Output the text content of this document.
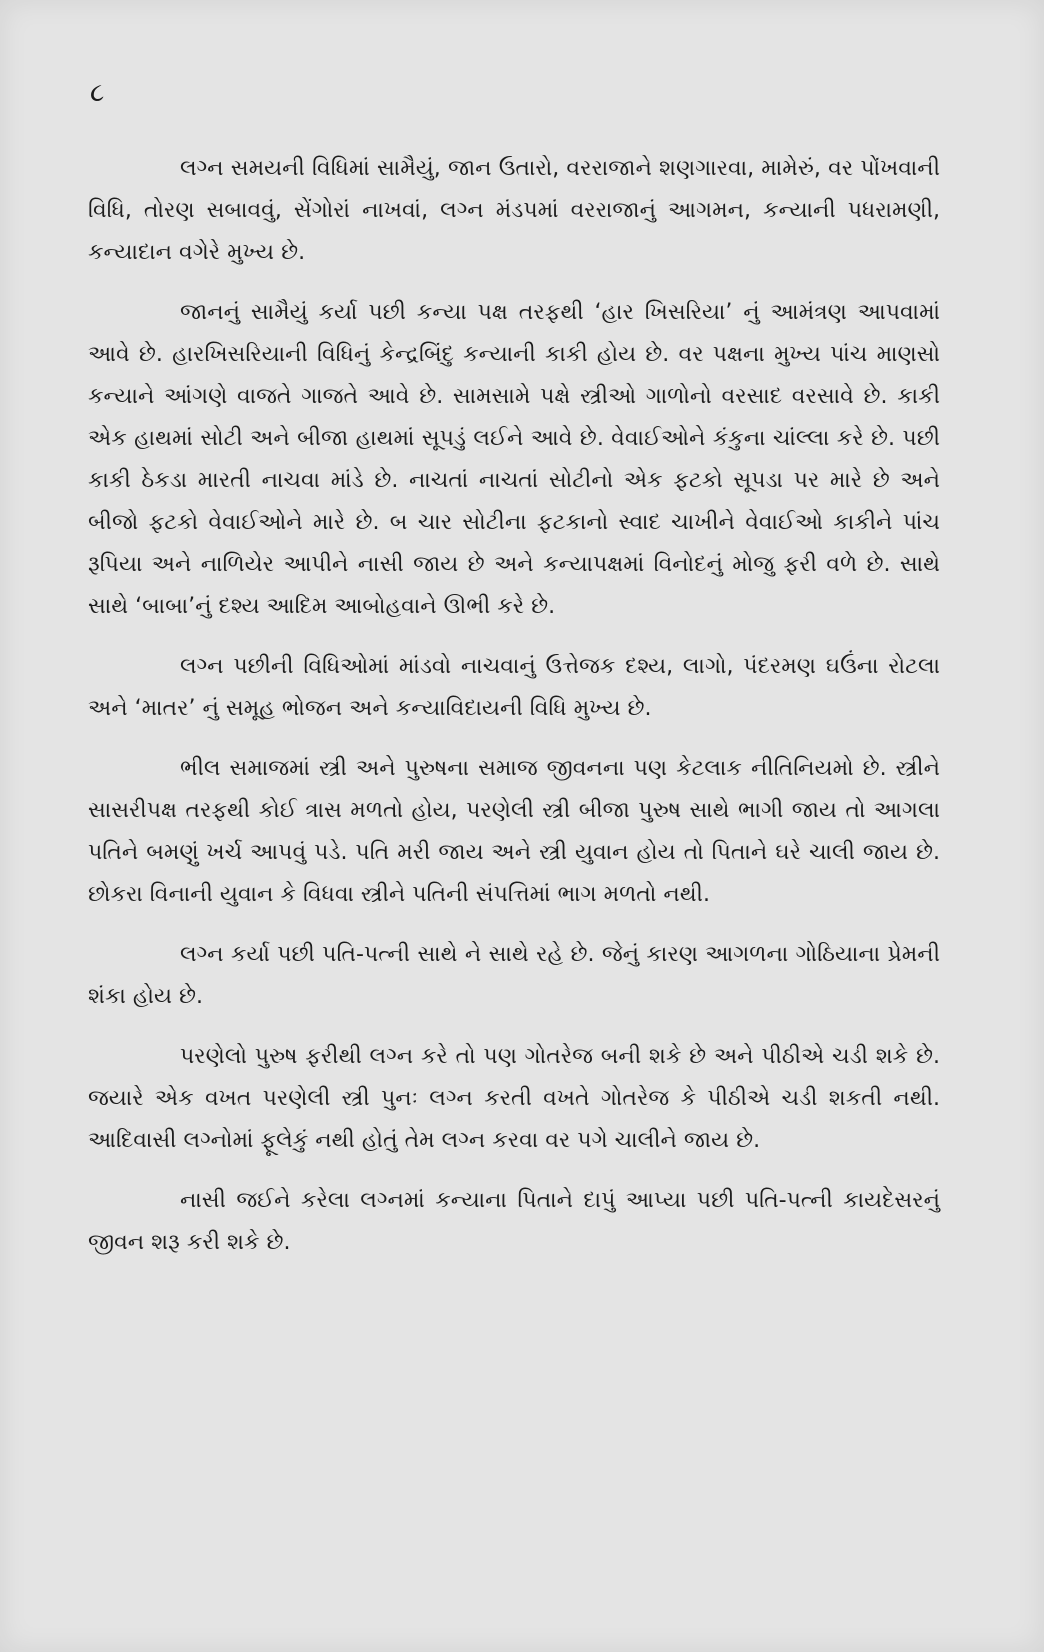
૮

લગ્ન સમયની વિધિમાં સામૈયું, જાન ઉતારો, વરરાજાને શણગારવા, મામેરું, વર પોંખવાની વિધિ, તોરણ સબાવવું, સેંગોરાં નાખવાં, લગ્ન મંડપમાં વરરાજાનું આગમન, કન્યાની પધરામણી, કન્યાદાન વગેરે મુખ્ય છે.

જાનનું સામૈયું કર્યા પછી કન્યા પક્ષ તરફથી ‘હાર ખિસરિયા’ નું આમંત્રણ આપવામાં આવે છે. હારખિસરિયાની વિધિનું કેન્દ્રબિંદુ કન્યાની કાકી હોય છે. વર પક્ષના મુખ્ય પાંચ માણસો કન્યાને આંગણે વાજતે ગાજતે આવે છે. સામસામે પક્ષે સ્ત્રીઓ ગાળોનો વરસાદ વરસાવે છે. કાકી એક હાથમાં સોટી અને બીજા હાથમાં સૂપડું લઈને આવે છે. વેવાઈઓને કંકુના ચાંલ્લા કરે છે. પછી કાકી ઠેકડા મારતી નાચવા માંડે છે. નાચતાં નાચતાં સોટીનો એક ફટકો સૂપડા પર મારે છે અને બીજો ફટકો વેવાઈઓને મારે છે. બ ચાર સોટીના ફટકાનો સ્વાદ ચાખીને વેવાઈઓ કાકીને પાંચ રૂપિયા અને નાળિયેર આપીને નાસી જાય છે અને કન્યાપક્ષમાં વિનોદનું મોજુ ફરી વળે છે. સાથે સાથે ‘બાબા’નું દશ્ય આદિમ આબોહવાને ઊભી કરે છે.

લગ્ન પછીની વિધિઓમાં માંડવો નાચવાનું ઉત્તેજક દશ્ય, લાગો, પંદરમણ ઘઉંના રોટલા અને ‘માતર’ નું સમૂહ ભોજન અને કન્યાવિદાયની વિધિ મુખ્ય છે.

ભીલ સમાજમાં સ્ત્રી અને પુરુષના સમાજ જીવનના પણ કેટલાક નીતિનિયમો છે. સ્ત્રીને સાસરીપક્ષ તરફથી કોઈ ત્રાસ મળતો હોય, પરણેલી સ્ત્રી બીજા પુરુષ સાથે ભાગી જાય તો આગલા પતિને બમણું ખર્ચ આપવું પડે. પતિ મરી જાય અને સ્ત્રી યુવાન હોય તો પિતાને ઘરે ચાલી જાય છે. છોકરા વિનાની યુવાન કે વિધવા સ્ત્રીને પતિની સંપત્તિમાં ભાગ મળતો નથી.

લગ્ન કર્યા પછી પતિ-પત્ની સાથે ને સાથે રહે છે. જેનું કારણ આગળના ગોઠિયાના પ્રેમની શંકા હોય છે.

પરણેલો પુરુષ ફરીથી લગ્ન કરે તો પણ ગોતરેજ બની શકે છે અને પીઠીએ ચડી શકે છે. જયારે એક વખત પરણેલી સ્ત્રી પુનઃ લગ્ન કરતી વખતે ગોતરેજ કે પીઠીએ ચડી શકતી નથી. આદિવાસી લગ્નોમાં ફૂલેકું નથી હોતું તેમ લગ્ન કરવા વર પગે ચાલીને જાય છે.

નાસી જઈને કરેલા લગ્નમાં કન્યાના પિતાને દાપું આપ્યા પછી પતિ-પત્ની કાયદેસરનું જીવન શરૂ કરી શકે છે.
